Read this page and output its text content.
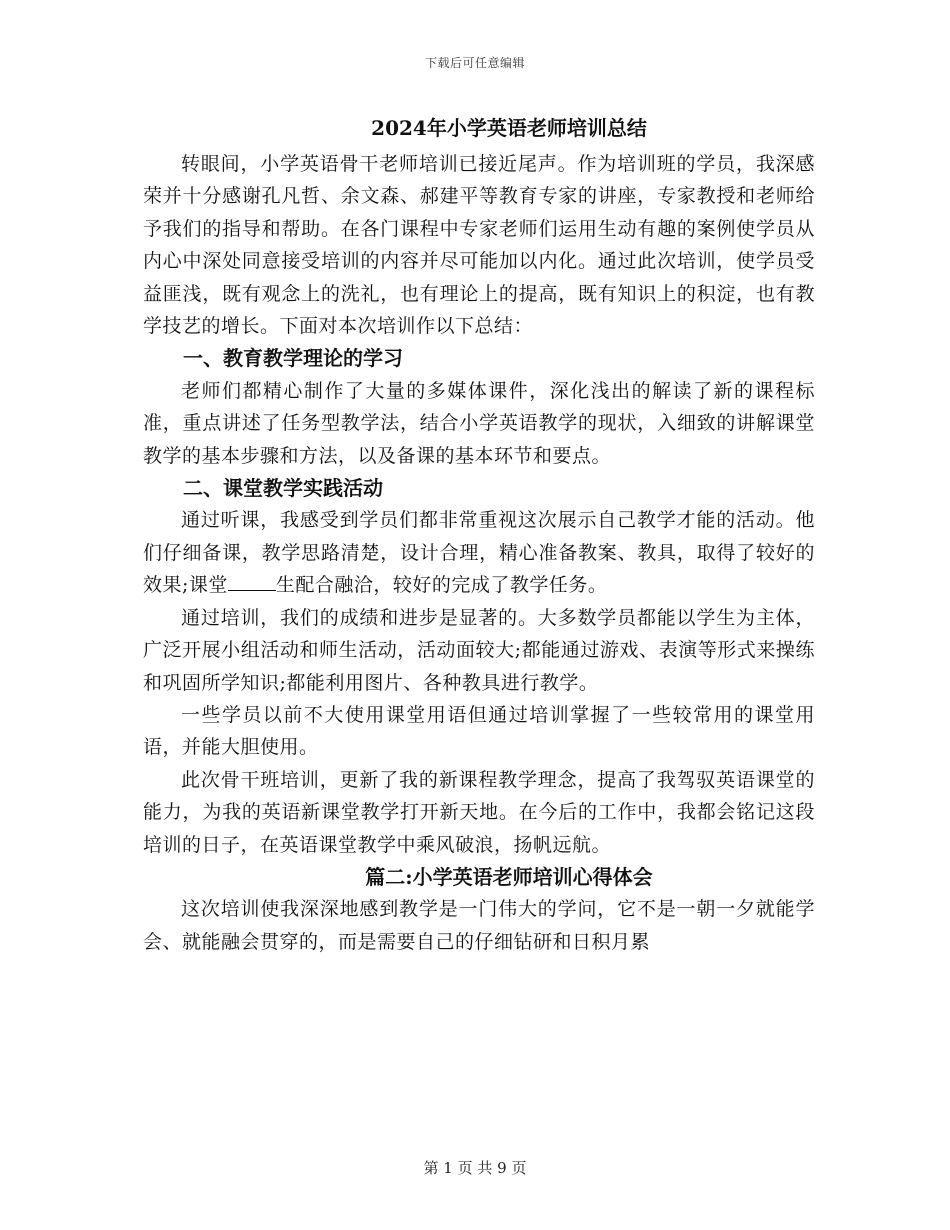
下载后可任意编辑

2024年小学英语老师培训总结

转眼间，小学英语骨干老师培训已接近尾声。作为培训班的学员，我深感荣并十分感谢孔凡哲、余文森、郝建平等教育专家的讲座，专家教授和老师给予我们的指导和帮助。在各门课程中专家老师们运用生动有趣的案例使学员从内心中深处同意接受培训的内容并尽可能加以内化。通过此次培训，使学员受益匪浅，既有观念上的洗礼，也有理论上的提高，既有知识上的积淀，也有教学技艺的增长。下面对本次培训作以下总结：

一、教育教学理论的学习

老师们都精心制作了大量的多媒体课件，深化浅出的解读了新的课程标准，重点讲述了任务型教学法，结合小学英语教学的现状，入细致的讲解课堂教学的基本步骤和方法，以及备课的基本环节和要点。

二、课堂教学实践活动

通过听课，我感受到学员们都非常重视这次展示自己教学才能的活动。他们仔细备课，教学思路清楚，设计合理，精心准备教案、教具，取得了较好的效果;课堂	生配合融洽，较好的完成了教学任务。

通过培训，我们的成绩和进步是显著的。大多数学员都能以学生为主体，广泛开展小组活动和师生活动，活动面较大;都能通过游戏、表演等形式来操练和巩固所学知识;都能利用图片、各种教具进行教学。

一些学员以前不大使用课堂用语但通过培训掌握了一些较常用的课堂用语，并能大胆使用。

此次骨干班培训，更新了我的新课程教学理念，提高了我驾驭英语课堂的能力，为我的英语新课堂教学打开新天地。在今后的工作中，我都会铭记这段培训的日子，在英语课堂教学中乘风破浪，扬帆远航。

篇二:小学英语老师培训心得体会

这次培训使我深深地感到教学是一门伟大的学问，它不是一朝一夕就能学会、就能融会贯穿的，而是需要自己的仔细钻研和日积月累

第 1 页 共 9 页
